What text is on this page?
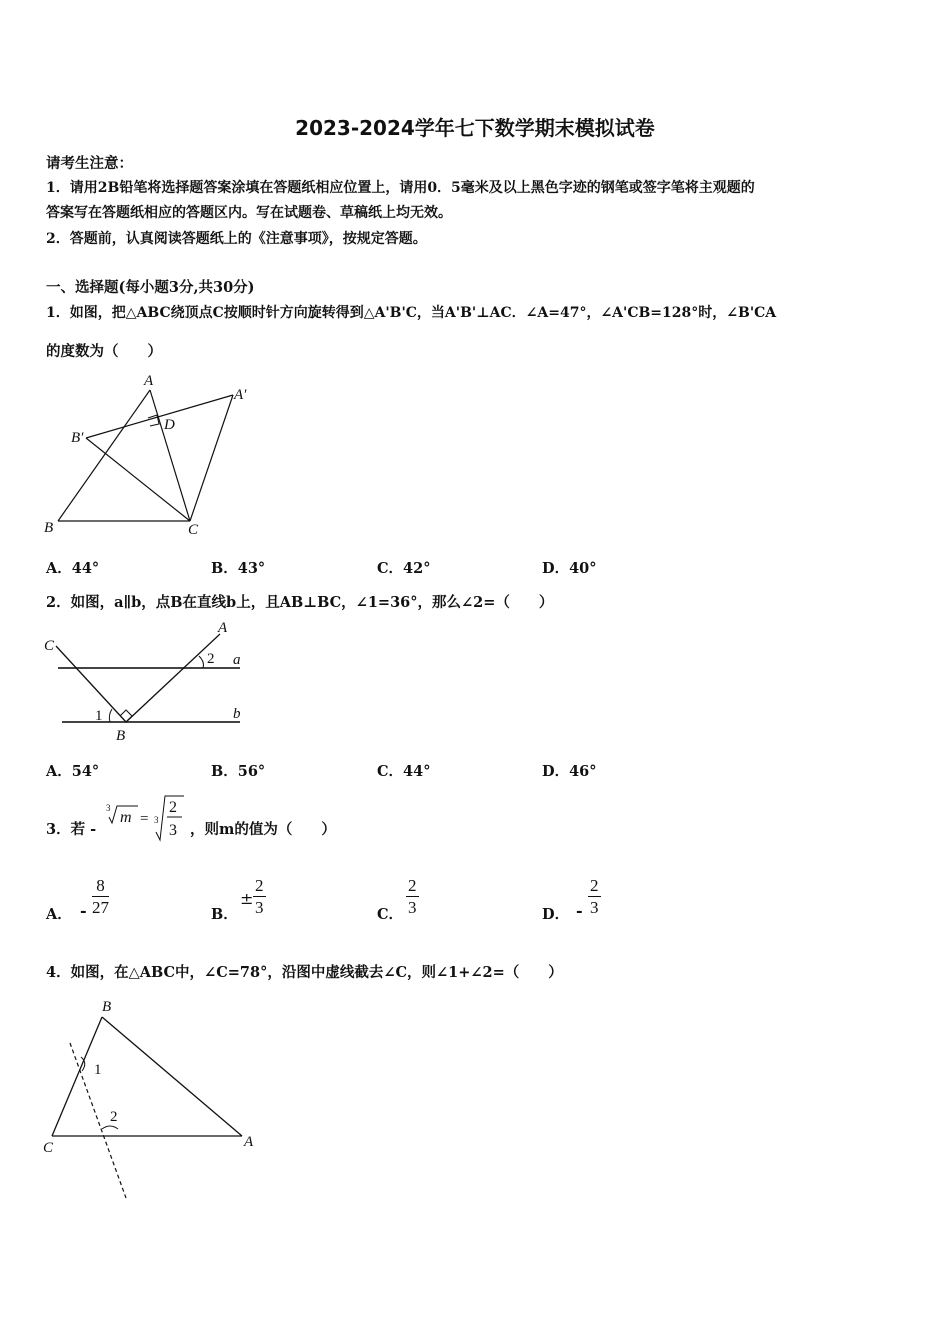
2023-2024学年七下数学期末模拟试卷
请考生注意：
1．请用2B铅笔将选择题答案涂填在答题纸相应位置上，请用0．5毫米及以上黑色字迹的钢笔或签字笔将主观题的
答案写在答题纸相应的答题区内。写在试题卷、草稿纸上均无效。
2．答题前，认真阅读答题纸上的《注意事项》，按规定答题。
一、选择题(每小题3分,共30分)
1．如图，把△ABC绕顶点C按顺时针方向旋转得到△A'B'C，当A'B'⊥AC．∠A=47°，∠A'CB=128°时，∠B'CA
的度数为（　　）
A
A′
B′
D
B	C
A．44°	B．43°	C．42°	D．40°
2．如图，a∥b，点B在直线b上，且AB⊥BC，∠1=36°，那么∠2=（　　）
C
A
2 a
b
1
B
A．54°	B．56°	C．44°	D．46°
3．若 -
3
m = 3
2
3 ，则m的值为（　　）
A． - $\frac{8}{27}$	B．
± $\frac{2}{3}$	C． $\frac{2}{3}$	D． - $\frac{2}{3}$
4．如图，在△ABC中，∠C=78°，沿图中虚线截去∠C，则∠1+∠2=（　　）
B
1
2
C	A
